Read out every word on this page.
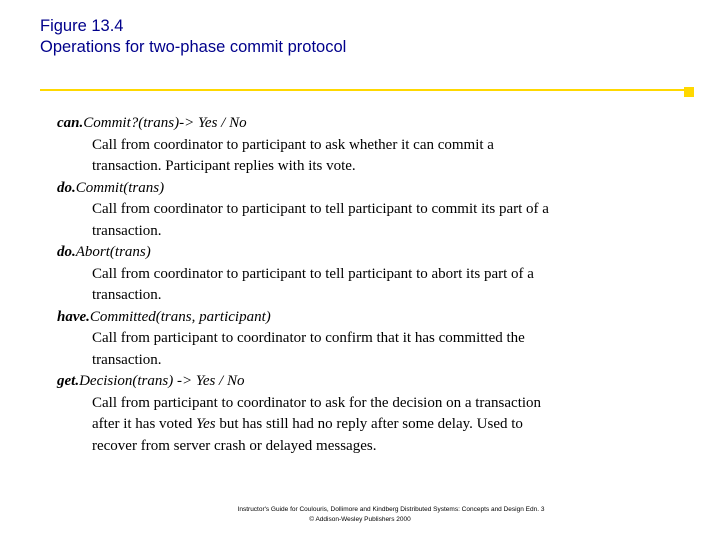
Figure 13.4
Operations for two-phase commit protocol
can.Commit?(trans)-> Yes / No
Call from coordinator to participant to ask whether it can commit a
transaction. Participant replies with its vote.
do.Commit(trans)
Call from coordinator to participant to tell participant to commit its part of a
transaction.
do.Abort(trans)
Call from coordinator to participant to tell participant to abort its part of a
transaction.
have.Committed(trans, participant)
Call from participant to coordinator to confirm that it has committed the
transaction.
get.Decision(trans) -> Yes / No
Call from participant to coordinator to ask for the decision on a transaction
after it has voted Yes but has still had no reply after some delay. Used to
recover from server crash or delayed messages.
Instructor's Guide for Coulouris, Dollimore and Kindberg Distributed Systems: Concepts and Design Edn. 3
© Addison-Wesley Publishers 2000
